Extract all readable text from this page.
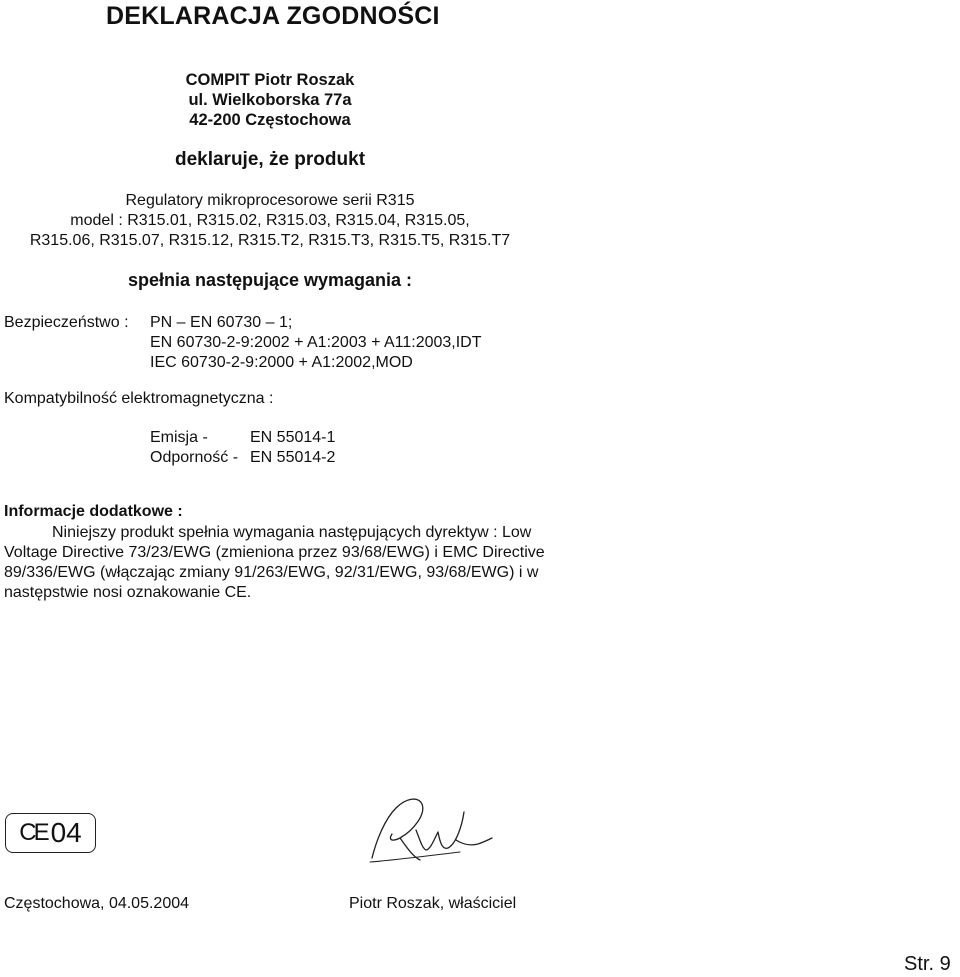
DEKLARACJA ZGODNOŚCI
COMPIT Piotr Roszak
ul. Wielkoborska 77a
42-200 Częstochowa
deklaruje, że produkt
Regulatory mikroprocesorowe serii R315
model : R315.01, R315.02, R315.03, R315.04, R315.05,
R315.06, R315.07, R315.12, R315.T2, R315.T3, R315.T5, R315.T7
spełnia następujące wymagania :
Bezpieczeństwo : PN – EN 60730 – 1;
EN 60730-2-9:2002 + A1:2003 + A11:2003,IDT
IEC 60730-2-9:2000 + A1:2002,MOD
Kompatybilność elektromagnetyczna :
Emisja -	EN 55014-1
Odporność - EN 55014-2
Informacje dodatkowe :
Niniejszy produkt spełnia wymagania następujących dyrektyw : Low
Voltage Directive 73/23/EWG (zmieniona przez 93/68/EWG) i EMC Directive
89/336/EWG (włączając zmiany 91/263/EWG, 92/31/EWG, 93/68/EWG) i w
następstwie nosi oznakowanie CE.
CE 04
Częstochowa, 04.05.2004	Piotr Roszak, właściciel
Str. 9
